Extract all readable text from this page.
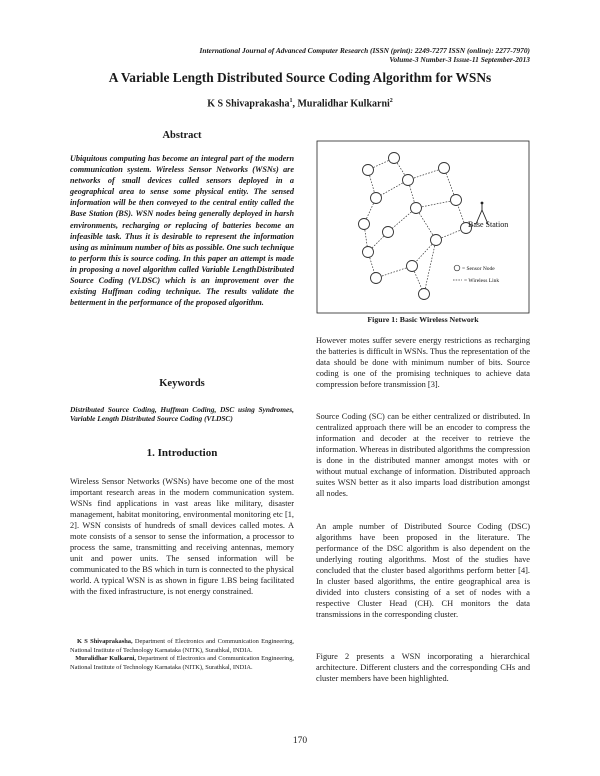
International Journal of Advanced Computer Research (ISSN (print): 2249-7277 ISSN (online): 2277-7970)
Volume-3 Number-3 Issue-11 September-2013
A Variable Length Distributed Source Coding Algorithm for WSNs
K S Shivaprakasha$^1$, Muralidhar Kulkarni$^2$
Abstract

Ubiquitous computing has become an integral part of the modern communication system. Wireless Sensor Networks (WSNs) are networks of small devices called sensors deployed in a geographical area to sense some physical entity. The sensed information will be then conveyed to the central entity called the Base Station (BS). WSN nodes being generally deployed in harsh environments, recharging or replacing of batteries become an infeasible task. Thus it is desirable to represent the information using as minimum number of bits as possible. One such technique to perform this is source coding. In this paper an attempt is made in proposing a novel algorithm called Variable LengthDistributed Source Coding (VLDSC) which is an improvement over the existing Huffman coding technique. The results validate the betterment in the performance of the proposed algorithm.

Keywords

Distributed Source Coding, Huffman Coding, DSC using Syndromes, Variable Length Distributed Source Coding (VLDSC)

1. Introduction

Wireless Sensor Networks (WSNs) have become one of the most important research areas in the modern communication system. WSNs find applications in vast areas like military, disaster management, habitat monitoring, environmental monitoring etc [1, 2]. WSN consists of hundreds of small devices called motes. A mote consists of a sensor to sense the information, a processor to process the same, transmitting and receiving antennas, memory unit and power units. The sensed information will be communicated to the BS which in turn is connected to the physical world. A typical WSN is as shown in figure 1.BS being facilitated with the fixed infrastructure, is not energy constrained.

K S Shivaprakasha, Department of Electronics and Communication Engineering, National Institute of Technology Karnataka (NITK), Surathkal, INDIA.

Muralidhar Kulkarni, Department of Electronics and Communication Engineering, National Institute of Technology Karnataka (NITK), Surathkal, INDIA.

Base Station
= Sensor Node
= Wireless Link
Figure 1: Basic Wireless Network

However motes suffer severe energy restrictions as recharging the batteries is difficult in WSNs. Thus the representation of the data should be done with minimum number of bits. Source coding is one of the promising techniques to achieve data compression before transmission [3].

Source Coding (SC) can be either centralized or distributed. In centralized approach there will be an encoder to compress the information and decoder at the receiver to retrieve the information. Whereas in distributed algorithms the compression is done in the distributed manner amongst motes with or without mutual exchange of information. Distributed approach suites WSN better as it also imparts load distribution amongst all nodes.

An ample number of Distributed Source Coding (DSC) algorithms have been proposed in the literature. The performance of the DSC algorithm is also dependent on the underlying routing algorithms. Most of the studies have concluded that the cluster based algorithms perform better [4]. In cluster based algorithms, the entire geographical area is divided into clusters consisting of a set of nodes with a respective Cluster Head (CH). CH monitors the data transmissions in the corresponding cluster.

Figure 2 presents a WSN incorporating a hierarchical architecture. Different clusters and the corresponding CHs and cluster members have been highlighted.

170
